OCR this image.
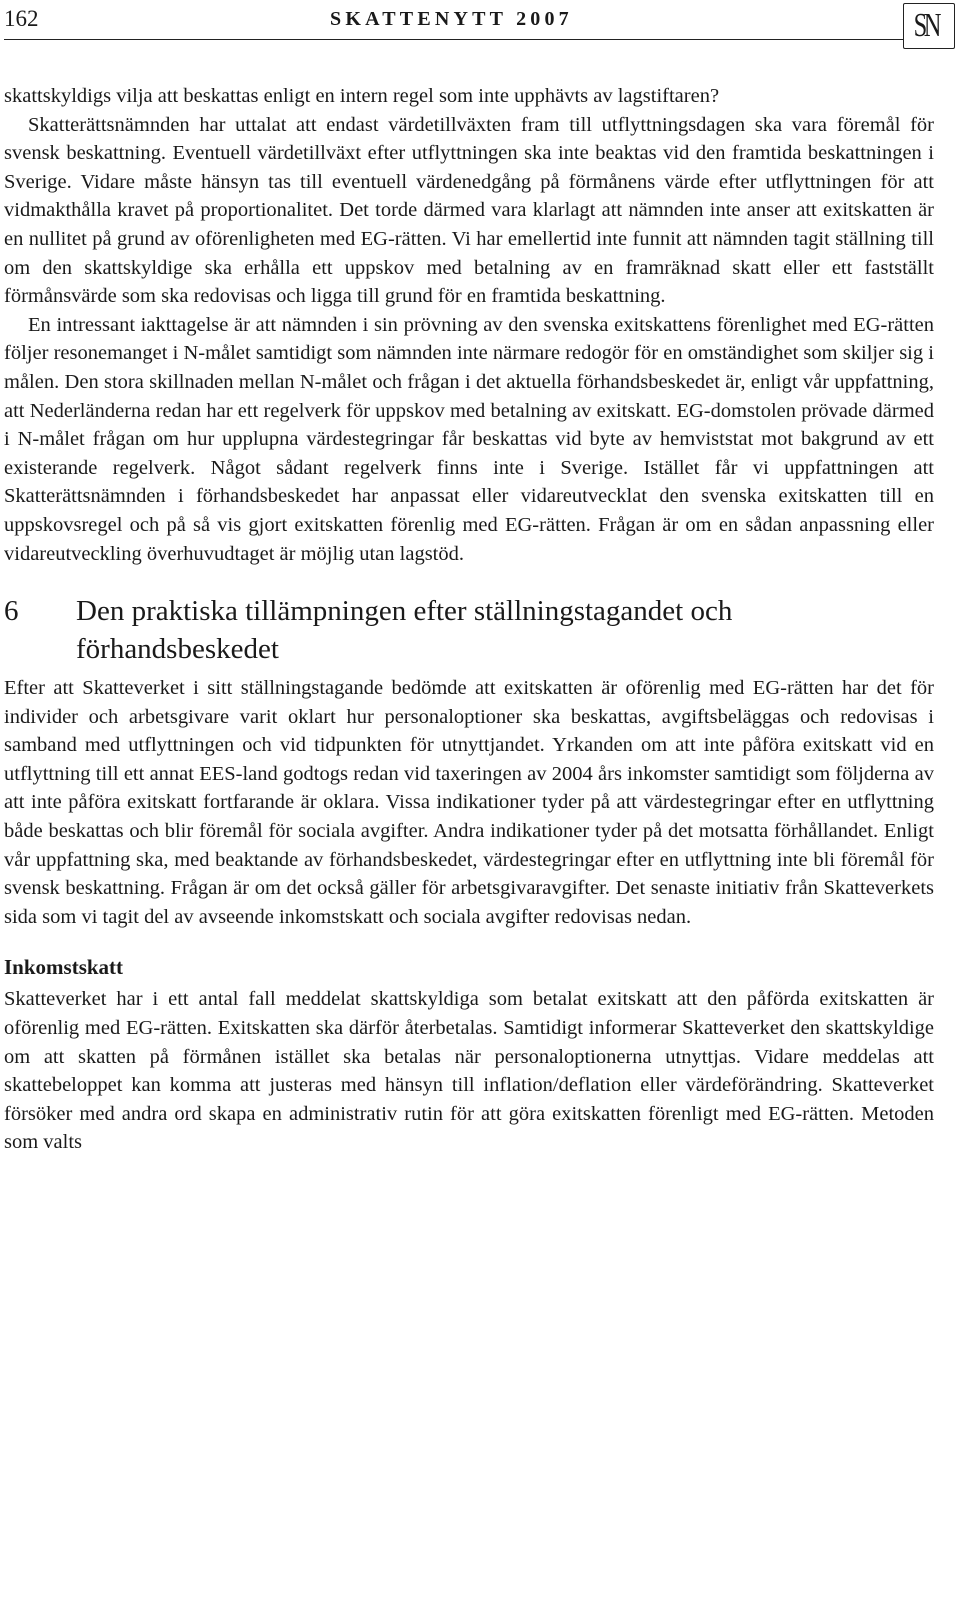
162	SKATTENYTT 2007	SN

skattskyldigs vilja att beskattas enligt en intern regel som inte upphävts av lagstiftaren?

Skatterättsnämnden har uttalat att endast värdetillväxten fram till utflyttningsdagen ska vara föremål för svensk beskattning. Eventuell värdetillväxt efter utflyttningen ska inte beaktas vid den framtida beskattningen i Sverige. Vidare måste hänsyn tas till eventuell värdenedgång på förmånens värde efter utflyttningen för att vidmakthålla kravet på proportionalitet. Det torde därmed vara klarlagt att nämnden inte anser att exitskatten är en nullitet på grund av oförenligheten med EG-rätten. Vi har emellertid inte funnit att nämnden tagit ställning till om den skattskyldige ska erhålla ett uppskov med betalning av en framräknad skatt eller ett fastställt förmånsvärde som ska redovisas och ligga till grund för en framtida beskattning.

En intressant iakttagelse är att nämnden i sin prövning av den svenska exitskattens förenlighet med EG-rätten följer resonemanget i N-målet samtidigt som nämnden inte närmare redogör för en omständighet som skiljer sig i målen. Den stora skillnaden mellan N-målet och frågan i det aktuella förhandsbeskedet är, enligt vår uppfattning, att Nederländerna redan har ett regelverk för uppskov med betalning av exitskatt. EG-domstolen prövade därmed i N-målet frågan om hur upplupna värdestegringar får beskattas vid byte av hemviststat mot bakgrund av ett existerande regelverk. Något sådant regelverk finns inte i Sverige. Istället får vi uppfattningen att Skatterättsnämnden i förhandsbeskedet har anpassat eller vidareutvecklat den svenska exitskatten till en uppskovsregel och på så vis gjort exitskatten förenlig med EG-rätten. Frågan är om en sådan anpassning eller vidareutveckling överhuvudtaget är möjlig utan lagstöd.

6	Den praktiska tillämpningen efter ställningstagandet och förhandsbeskedet

Efter att Skatteverket i sitt ställningstagande bedömde att exitskatten är oförenlig med EG-rätten har det för individer och arbetsgivare varit oklart hur personaloptioner ska beskattas, avgiftsbeläggas och redovisas i samband med utflyttningen och vid tidpunkten för utnyttjandet. Yrkanden om att inte påföra exitskatt vid en utflyttning till ett annat EES-land godtogs redan vid taxeringen av 2004 års inkomster samtidigt som följderna av att inte påföra exitskatt fortfarande är oklara. Vissa indikationer tyder på att värdestegringar efter en utflyttning både beskattas och blir föremål för sociala avgifter. Andra indikationer tyder på det motsatta förhållandet. Enligt vår uppfattning ska, med beaktande av förhandsbeskedet, värdestegringar efter en utflyttning inte bli föremål för svensk beskattning. Frågan är om det också gäller för arbetsgivaravgifter. Det senaste initiativ från Skatteverkets sida som vi tagit del av avseende inkomstskatt och sociala avgifter redovisas nedan.

Inkomstskatt

Skatteverket har i ett antal fall meddelat skattskyldiga som betalat exitskatt att den påförda exitskatten är oförenlig med EG-rätten. Exitskatten ska därför återbetalas. Samtidigt informerar Skatteverket den skattskyldige om att skatten på förmånen istället ska betalas när personaloptionerna utnyttjas. Vidare meddelas att skattebeloppet kan komma att justeras med hänsyn till inflation/deflation eller värdeförändring. Skatteverket försöker med andra ord skapa en administrativ rutin för att göra exitskatten förenligt med EG-rätten. Metoden som valts
